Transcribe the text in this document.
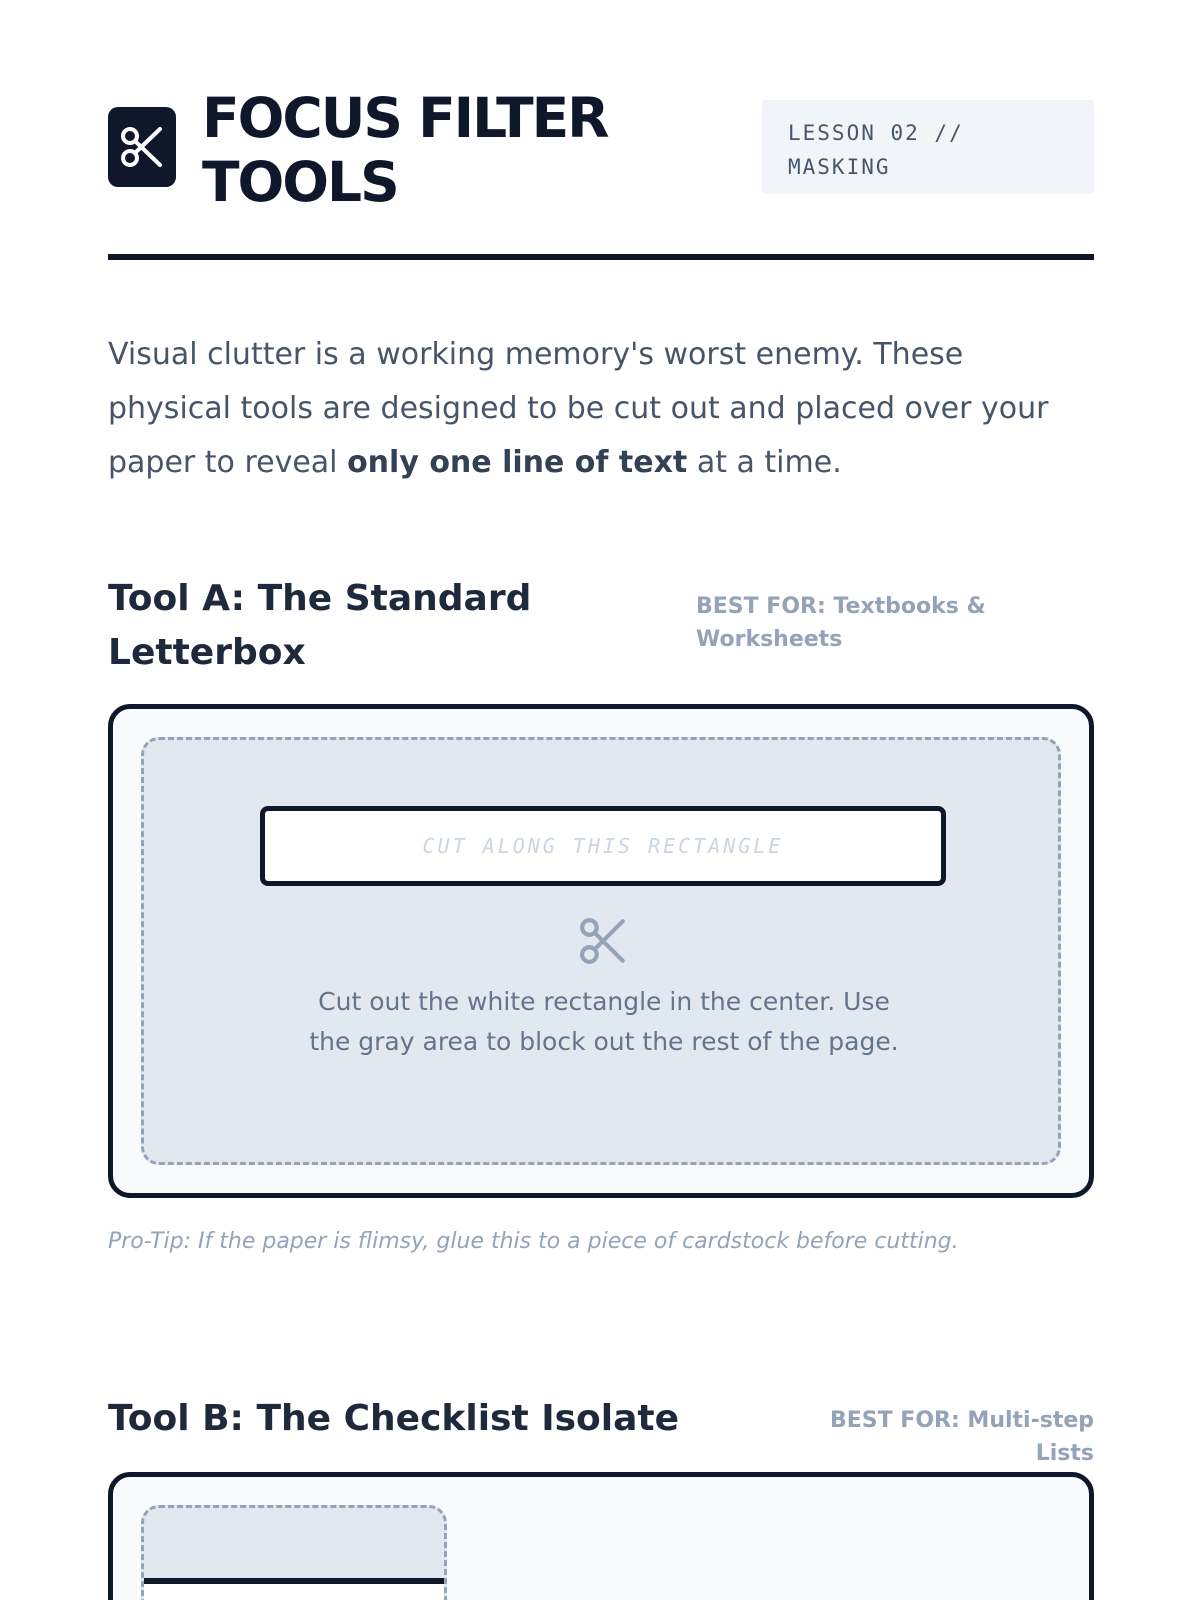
FOCUS FILTER TOOLS
LESSON 02 // MASKING

Visual clutter is a working memory's worst enemy. These physical tools are designed to be cut out and placed over your paper to reveal only one line of text at a time.

Tool A: The Standard Letterbox
BEST FOR: Textbooks & Worksheets
CUT ALONG THIS RECTANGLE

Cut out the white rectangle in the center. Use the gray area to block out the rest of the page.

Pro-Tip: If the paper is flimsy, glue this to a piece of cardstock before cutting.

Tool B: The Checklist Isolate	BEST FOR: Multi-step Lists
